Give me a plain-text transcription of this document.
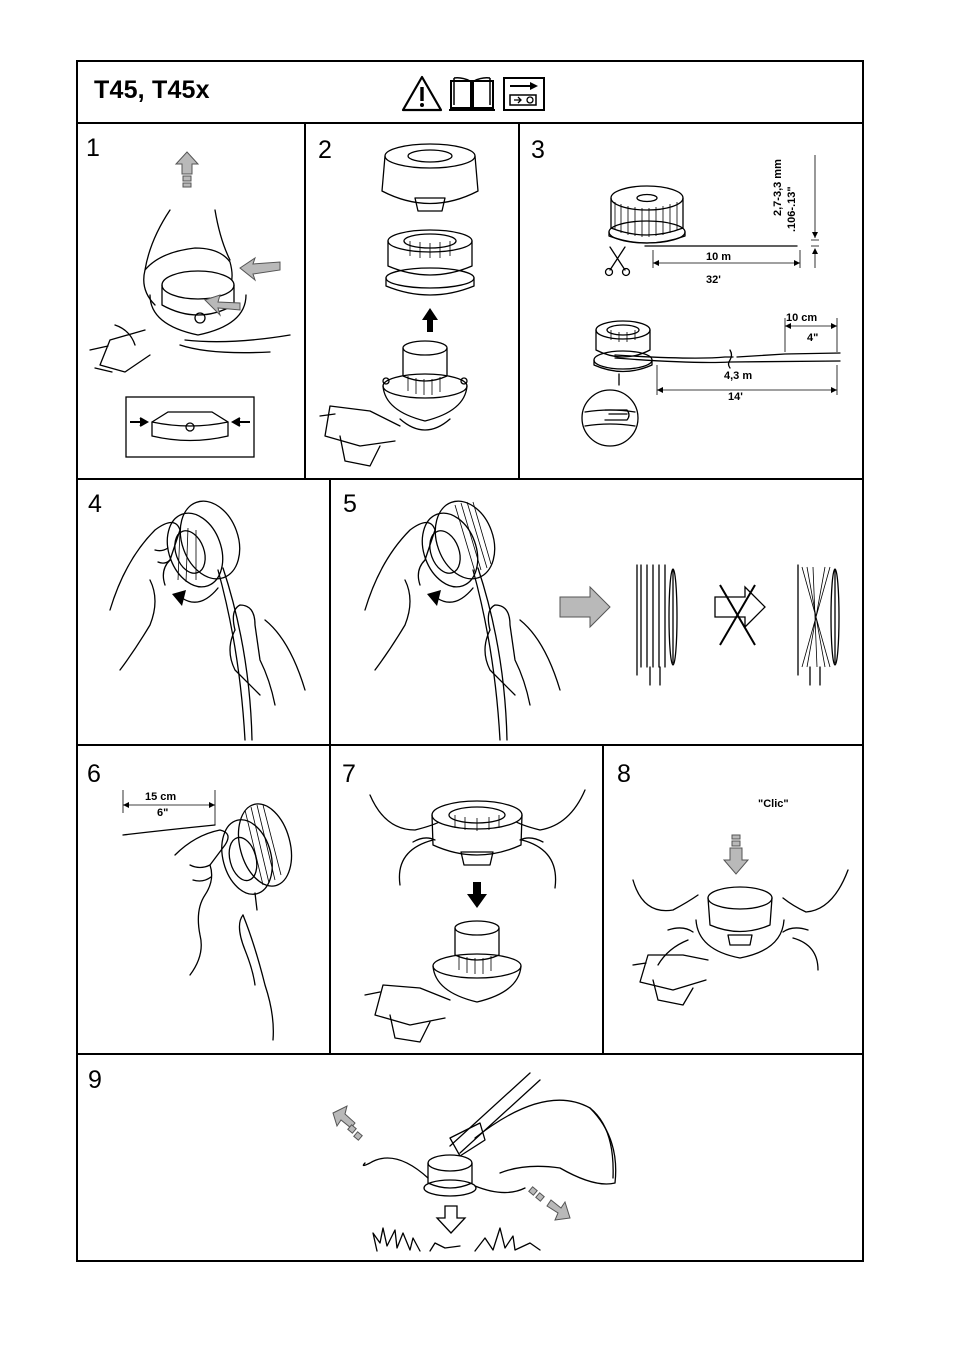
T45, T45x
1	2	3
4	5
6	7	8
9
2,7-3,3 mm .106-.13"
10 m
32'
10 cm
4"
4,3 m
14'
15 cm
6"
"Clic"
